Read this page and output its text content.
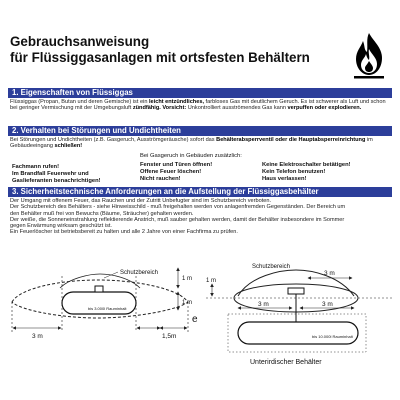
Gebrauchsanweisung
für Flüssiggasanlagen mit ortsfesten Behältern
1. Eigenschaften von Flüssiggas
Flüssiggas (Propan, Butan und deren Gemische) ist ein leicht entzündliches, farbloses Gas mit deutlichem Geruch. Es ist schwerer als Luft und schon bei geringer Vermischung mit der Umgebungsluft zündfähig. Vorsicht: Unkontrolliert ausströmendes Gas kann verpuffen oder explodieren.
2. Verhalten bei Störungen und Undichtheiten
Bei Störungen und Undichtheiten (z.B. Gasgeruch, Ausströmgeräusche) sofort das Behälterabsperrventil oder die Hauptabsperreinrichtung im Gebäudeeingang schließen!
Bei Gasgeruch in Gebäuden zusätzlich:
Fachmann rufen!
Im Brandfall Feuerwehr und
Gaslieferanten benachrichtigen!
Fenster und Türen öffnen!
Offene Feuer löschen!
Nicht rauchen!
Keine Elektroschalter betätigen!
Kein Telefon benutzen!
Haus verlassen!
3. Sicherheitstechnische Anforderungen an die Aufstellung der Flüssiggasbehälter
Der Umgang mit offenem Feuer, das Rauchen und der Zutritt Unbefugter sind im Schutzbereich verboten.
Der Schutzbereich des Behälters - siehe Hinweisschild - muß freigehalten werden von anlagenfremden Gegenständen. Der Bereich um
den Behälter muß frei von Bewuchs (Bäume, Sträucher) gehalten werden.
Der weiße, die Sonneneinstrahlung reflektierende Anstrich, muß sauber gehalten werden, damit der Behälter insbesondere im Sommer
gegen Erwärmung wirksam geschützt ist.
Ein Feuerlöscher ist betriebsbereit zu halten und alle 2 Jahre von einer Fachfirma zu prüfen.
Schutzbereich
1 m
1 m
3 m	1,5m
bis 3.000l Rauminhalt
e
Schutzbereich
3 m
1 m
3 m	3 m
bis 10.000l Rauminhalt
Unterirdischer Behälter
